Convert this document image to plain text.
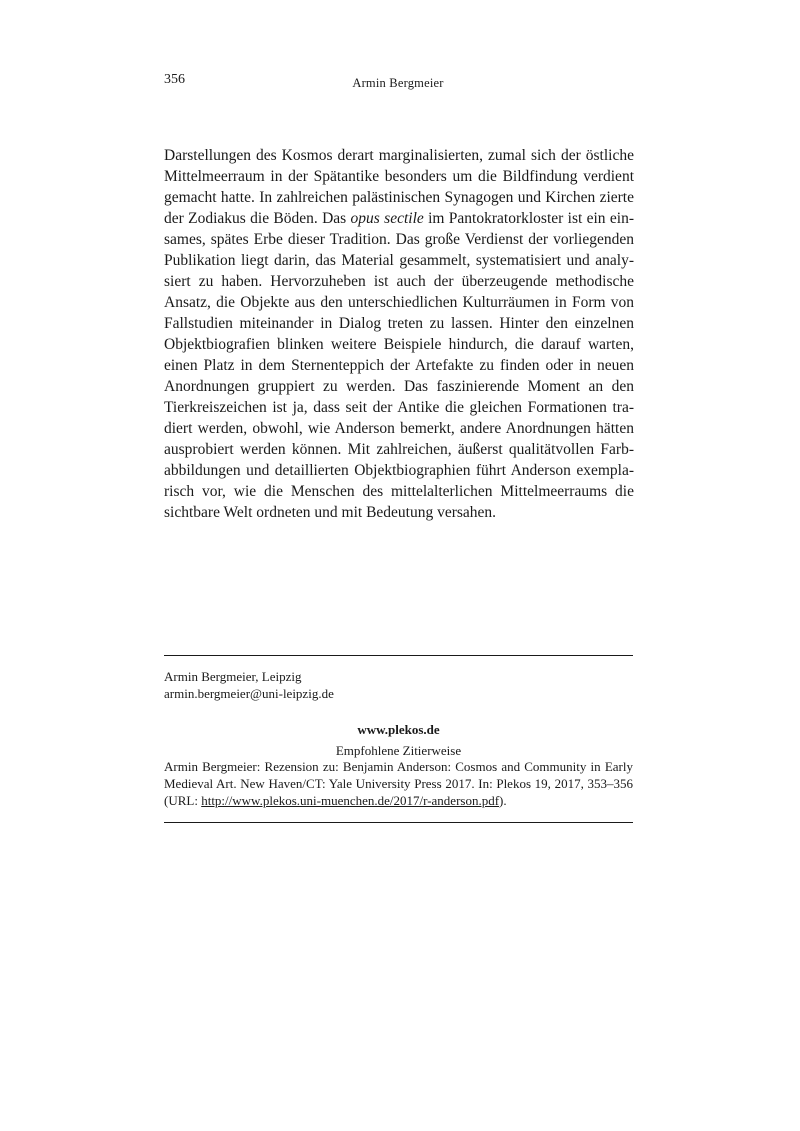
356	Armin Bergmeier
Darstellungen des Kosmos derart marginalisierten, zumal sich der östliche
Mittelmeerraum in der Spätantike besonders um die Bildfindung verdient
gemacht hatte. In zahlreichen palästinischen Synagogen und Kirchen zierte
der Zodiakus die Böden. Das opus sectile im Pantokratorkloster ist ein ein-
sames, spätes Erbe dieser Tradition. Das große Verdienst der vorliegenden
Publikation liegt darin, das Material gesammelt, systematisiert und analy-
siert zu haben. Hervorzuheben ist auch der überzeugende methodische
Ansatz, die Objekte aus den unterschiedlichen Kulturräumen in Form von
Fallstudien miteinander in Dialog treten zu lassen. Hinter den einzelnen
Objektbiografien blinken weitere Beispiele hindurch, die darauf warten,
einen Platz in dem Sternenteppich der Artefakte zu finden oder in neuen
Anordnungen gruppiert zu werden. Das faszinierende Moment an den
Tierkreiszeichen ist ja, dass seit der Antike die gleichen Formationen tra-
diert werden, obwohl, wie Anderson bemerkt, andere Anordnungen hätten
ausprobiert werden können. Mit zahlreichen, äußerst qualitätvollen Farb-
abbildungen und detaillierten Objektbiographien führt Anderson exempla-
risch vor, wie die Menschen des mittelalterlichen Mittelmeerraums die
sichtbare Welt ordneten und mit Bedeutung versahen.
Armin Bergmeier, Leipzig
armin.bergmeier@uni-leipzig.de
www.plekos.de
Empfohlene Zitierweise
Armin Bergmeier: Rezension zu: Benjamin Anderson: Cosmos and Community in Early
Medieval Art. New Haven/CT: Yale University Press 2017. In: Plekos 19, 2017, 353–356
(URL: http://www.plekos.uni-muenchen.de/2017/r-anderson.pdf).
